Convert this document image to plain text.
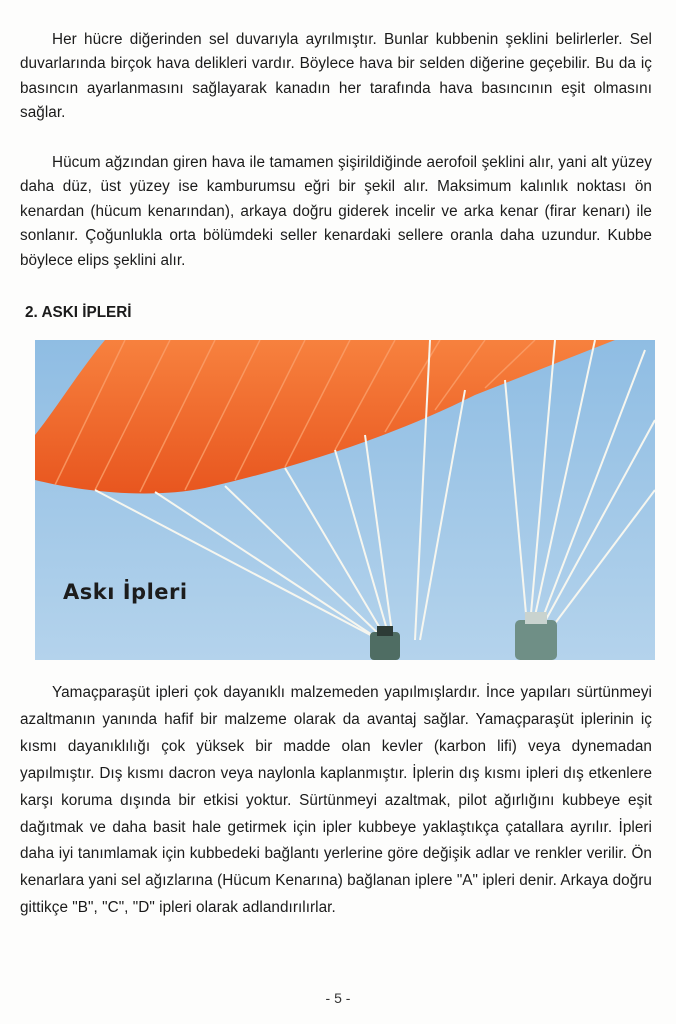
Her hücre diğerinden sel duvarıyla ayrılmıştır. Bunlar kubbenin şeklini belirlerler. Sel duvarlarında birçok hava delikleri vardır. Böylece hava bir selden diğerine geçebilir. Bu da iç basıncın ayarlanmasını sağlayarak kanadın her tarafında hava basıncının eşit olmasını sağlar.

Hücum ağzından giren hava ile tamamen şişirildiğinde aerofoil şeklini alır, yani alt yüzey daha düz, üst yüzey ise kamburumsu eğri bir şekil alır. Maksimum kalınlık noktası ön kenardan (hücum kenarından), arkaya doğru giderek incelir ve arka kenar (firar kenarı) ile sonlanır. Çoğunlukla orta bölümdeki seller kenardaki sellere oranla daha uzundur. Kubbe böylece elips şeklini alır.

2. ASKI İPLERİ
Askı İpleri

Yamaçparaşüt ipleri çok dayanıklı malzemeden yapılmışlardır. İnce yapıları sürtünmeyi azaltmanın yanında hafif bir malzeme olarak da avantaj sağlar. Yamaçparaşüt iplerinin iç kısmı dayanıklılığı çok yüksek bir madde olan kevler (karbon lifi) veya dynemadan yapılmıştır. Dış kısmı dacron veya naylonla kaplanmıştır. İplerin dış kısmı ipleri dış etkenlere karşı koruma dışında bir etkisi yoktur. Sürtünmeyi azaltmak, pilot ağırlığını kubbeye eşit dağıtmak ve daha basit hale getirmek için ipler kubbeye yaklaştıkça çatallara ayrılır. İpleri daha iyi tanımlamak için kubbedeki bağlantı yerlerine göre değişik adlar ve renkler verilir. Ön kenarlara yani sel ağızlarına (Hücum Kenarına) bağlanan iplere "A" ipleri denir. Arkaya doğru gittikçe "B", "C", "D" ipleri olarak adlandırılırlar.

- 5 -
